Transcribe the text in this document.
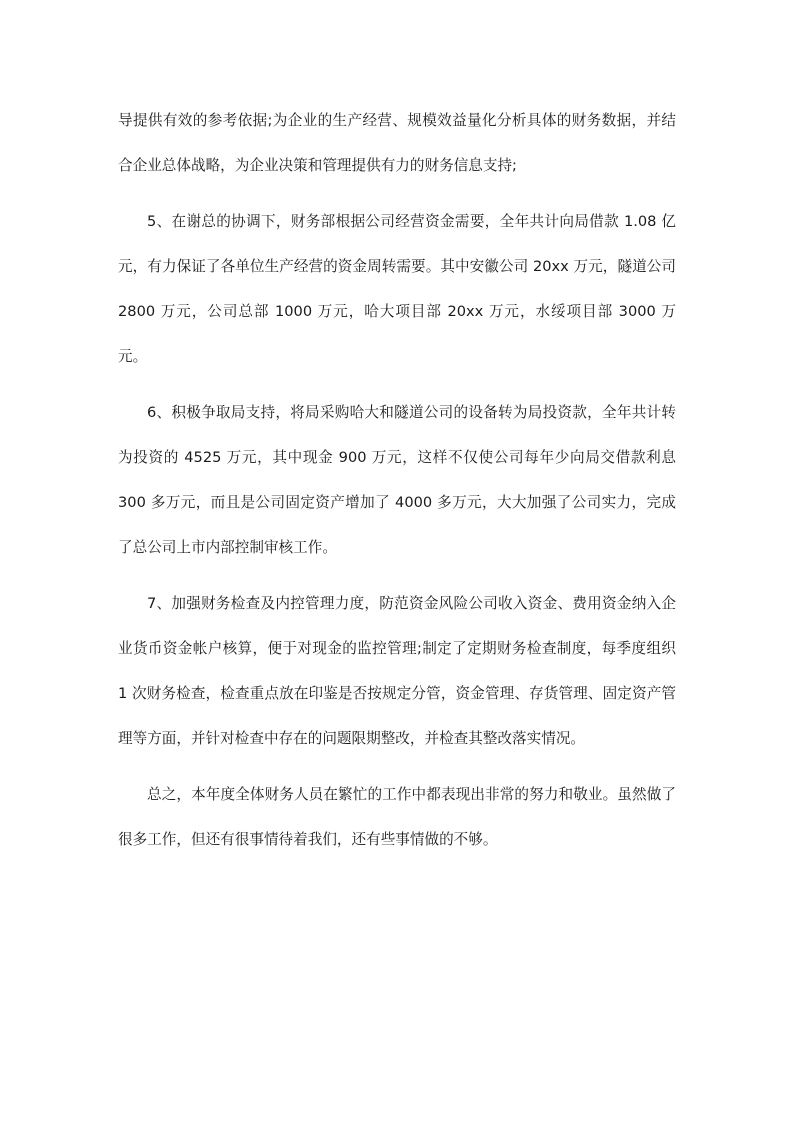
导提供有效的参考依据;为企业的生产经营、规模效益量化分析具体的财务数据，并结合企业总体战略，为企业决策和管理提供有力的财务信息支持;

5、在谢总的协调下，财务部根据公司经营资金需要，全年共计向局借款 1.08 亿元，有力保证了各单位生产经营的资金周转需要。其中安徽公司 20xx 万元，隧道公司 2800 万元，公司总部 1000 万元，哈大项目部 20xx 万元，水绥项目部 3000 万元。

6、积极争取局支持，将局采购哈大和隧道公司的设备转为局投资款，全年共计转为投资的 4525 万元，其中现金 900 万元，这样不仅使公司每年少向局交借款利息 300 多万元，而且是公司固定资产增加了 4000 多万元，大大加强了公司实力，完成了总公司上市内部控制审核工作。

7、加强财务检查及内控管理力度，防范资金风险公司收入资金、费用资金纳入企业货币资金帐户核算，便于对现金的监控管理;制定了定期财务检查制度，每季度组织 1 次财务检查，检查重点放在印鉴是否按规定分管，资金管理、存货管理、固定资产管理等方面，并针对检查中存在的问题限期整改，并检查其整改落实情况。

总之，本年度全体财务人员在繁忙的工作中都表现出非常的努力和敬业。虽然做了很多工作，但还有很事情待着我们，还有些事情做的不够。
